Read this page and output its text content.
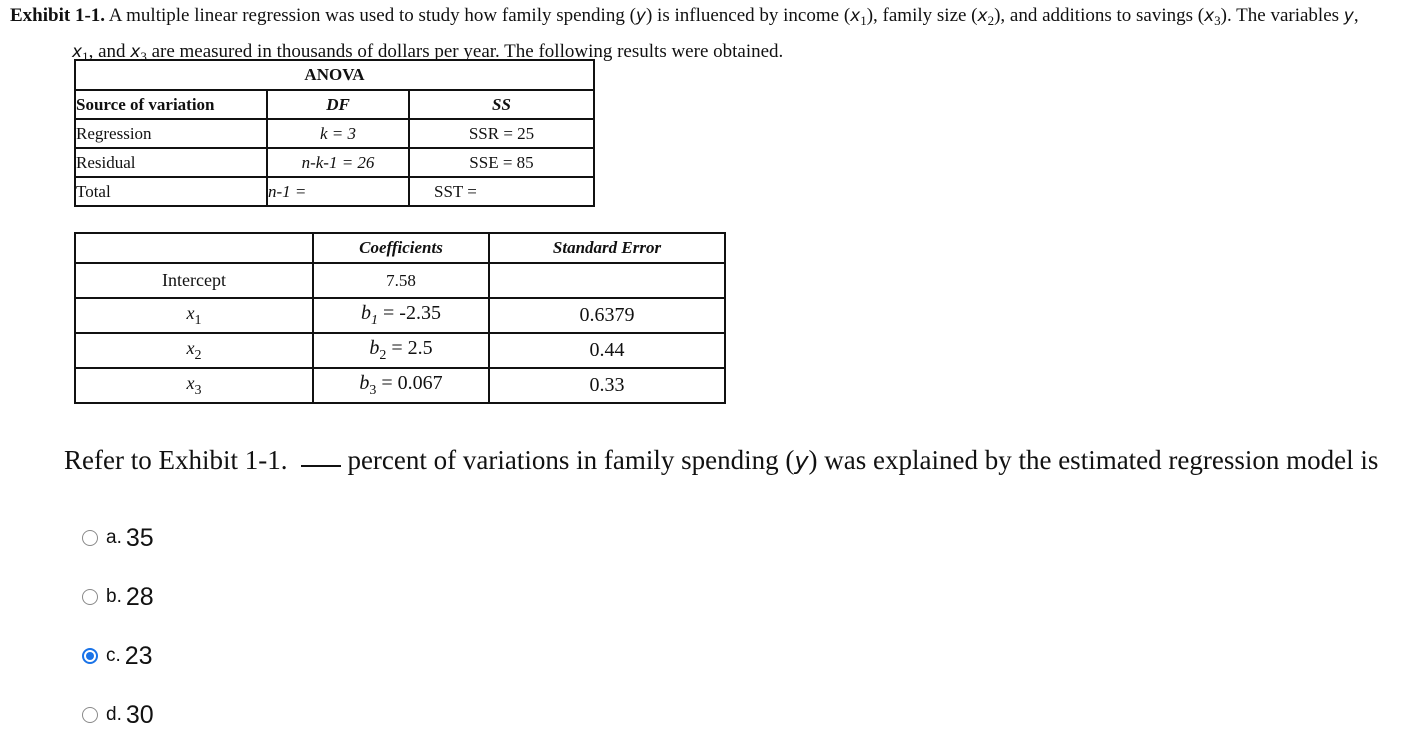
Exhibit 1-1. A multiple linear regression was used to study how family spending (y) is influenced by income $(x_1)$, family size $(x_2)$, and additions to savings $(x_3)$. The variables y,
$x_1$, and $x_3$ are measured in thousands of dollars per year. The following results were obtained.
ANOVA		
Source of variation	DF	SS
Regression	k = 3	SSR = 25
Residual	n-k-1 = 26	SSE = 85
Total	n-1 =	SST =
	Coefficients	Standard Error
Intercept	7.58	
$x_1$	$b_1 = -2.35$	0.6379
$x_2$	$b_2 = 2.5$	0.44
$x_3$	$b_3 = 0.067$	0.33
Refer to Exhibit 1-1. percent of variations in family spending (y) was explained by the estimated regression model is
a. 35
b. 28
c. 23
d. 30
